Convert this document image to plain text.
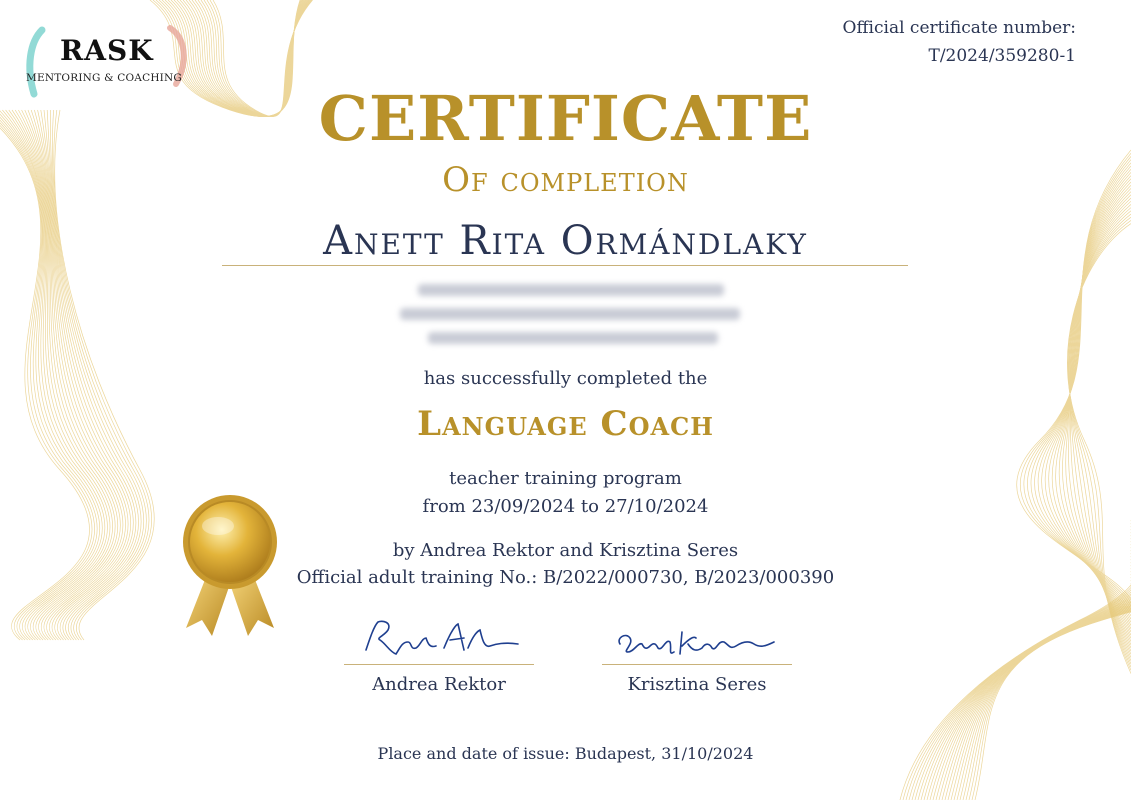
RASK
MENTORING & COACHING
Official certificate number:
T/2024/359280-1
CERTIFICATE
Of completion
Anett Rita Ormándlaky
has successfully completed the
Language Coach
teacher training program
from 23/09/2024 to 27/10/2024
by Andrea Rektor and Krisztina Seres
Official adult training No.: B/2022/000730, B/2023/000390
Andrea Rektor	Krisztina Seres
Place and date of issue: Budapest, 31/10/2024
